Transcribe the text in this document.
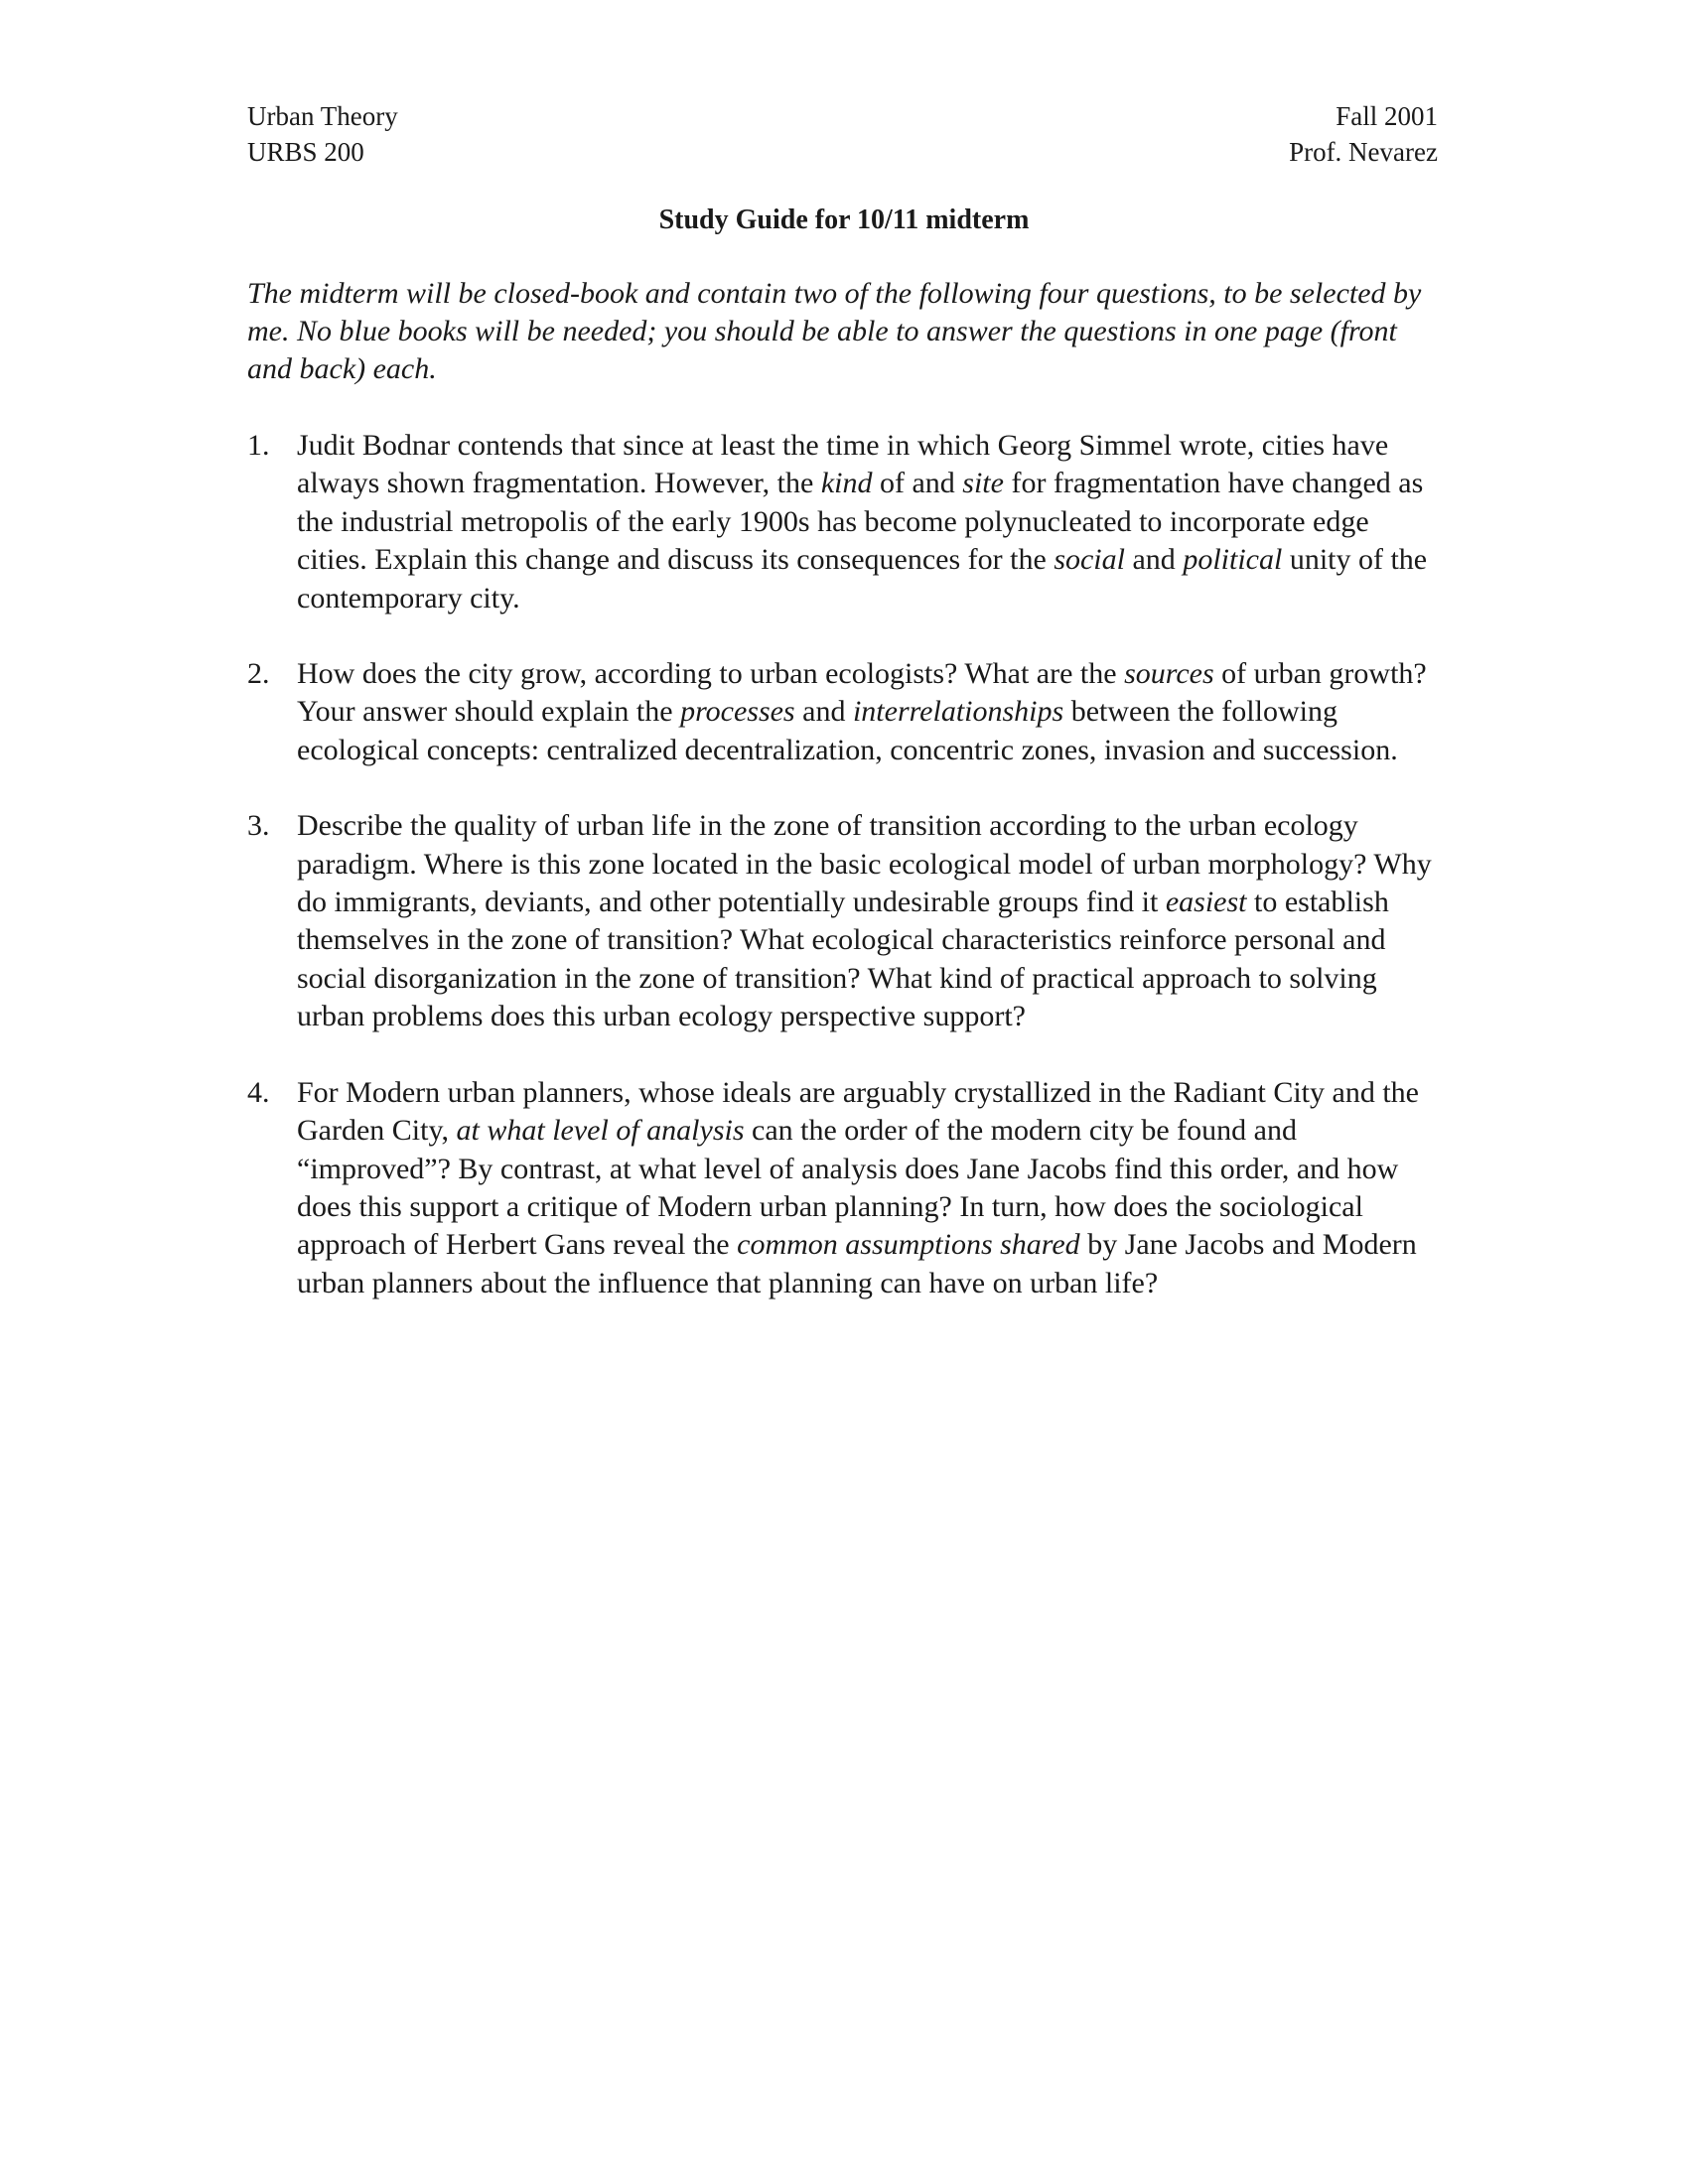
Urban Theory
URBS 200
Fall 2001
Prof. Nevarez
Study Guide for 10/11 midterm

The midterm will be closed-book and contain two of the following four questions, to be selected by me. No blue books will be needed; you should be able to answer the questions in one page (front and back) each.

1. Judit Bodnar contends that since at least the time in which Georg Simmel wrote, cities have always shown fragmentation. However, the kind of and site for fragmentation have changed as the industrial metropolis of the early 1900s has become polynucleated to incorporate edge cities. Explain this change and discuss its consequences for the social and political unity of the contemporary city.
2. How does the city grow, according to urban ecologists? What are the sources of urban growth? Your answer should explain the processes and interrelationships between the following ecological concepts: centralized decentralization, concentric zones, invasion and succession.
3. Describe the quality of urban life in the zone of transition according to the urban ecology paradigm. Where is this zone located in the basic ecological model of urban morphology? Why do immigrants, deviants, and other potentially undesirable groups find it easiest to establish themselves in the zone of transition? What ecological characteristics reinforce personal and social disorganization in the zone of transition? What kind of practical approach to solving urban problems does this urban ecology perspective support?
4. For Modern urban planners, whose ideals are arguably crystallized in the Radiant City and the Garden City, at what level of analysis can the order of the modern city be found and “improved”? By contrast, at what level of analysis does Jane Jacobs find this order, and how does this support a critique of Modern urban planning? In turn, how does the sociological approach of Herbert Gans reveal the common assumptions shared by Jane Jacobs and Modern urban planners about the influence that planning can have on urban life?
